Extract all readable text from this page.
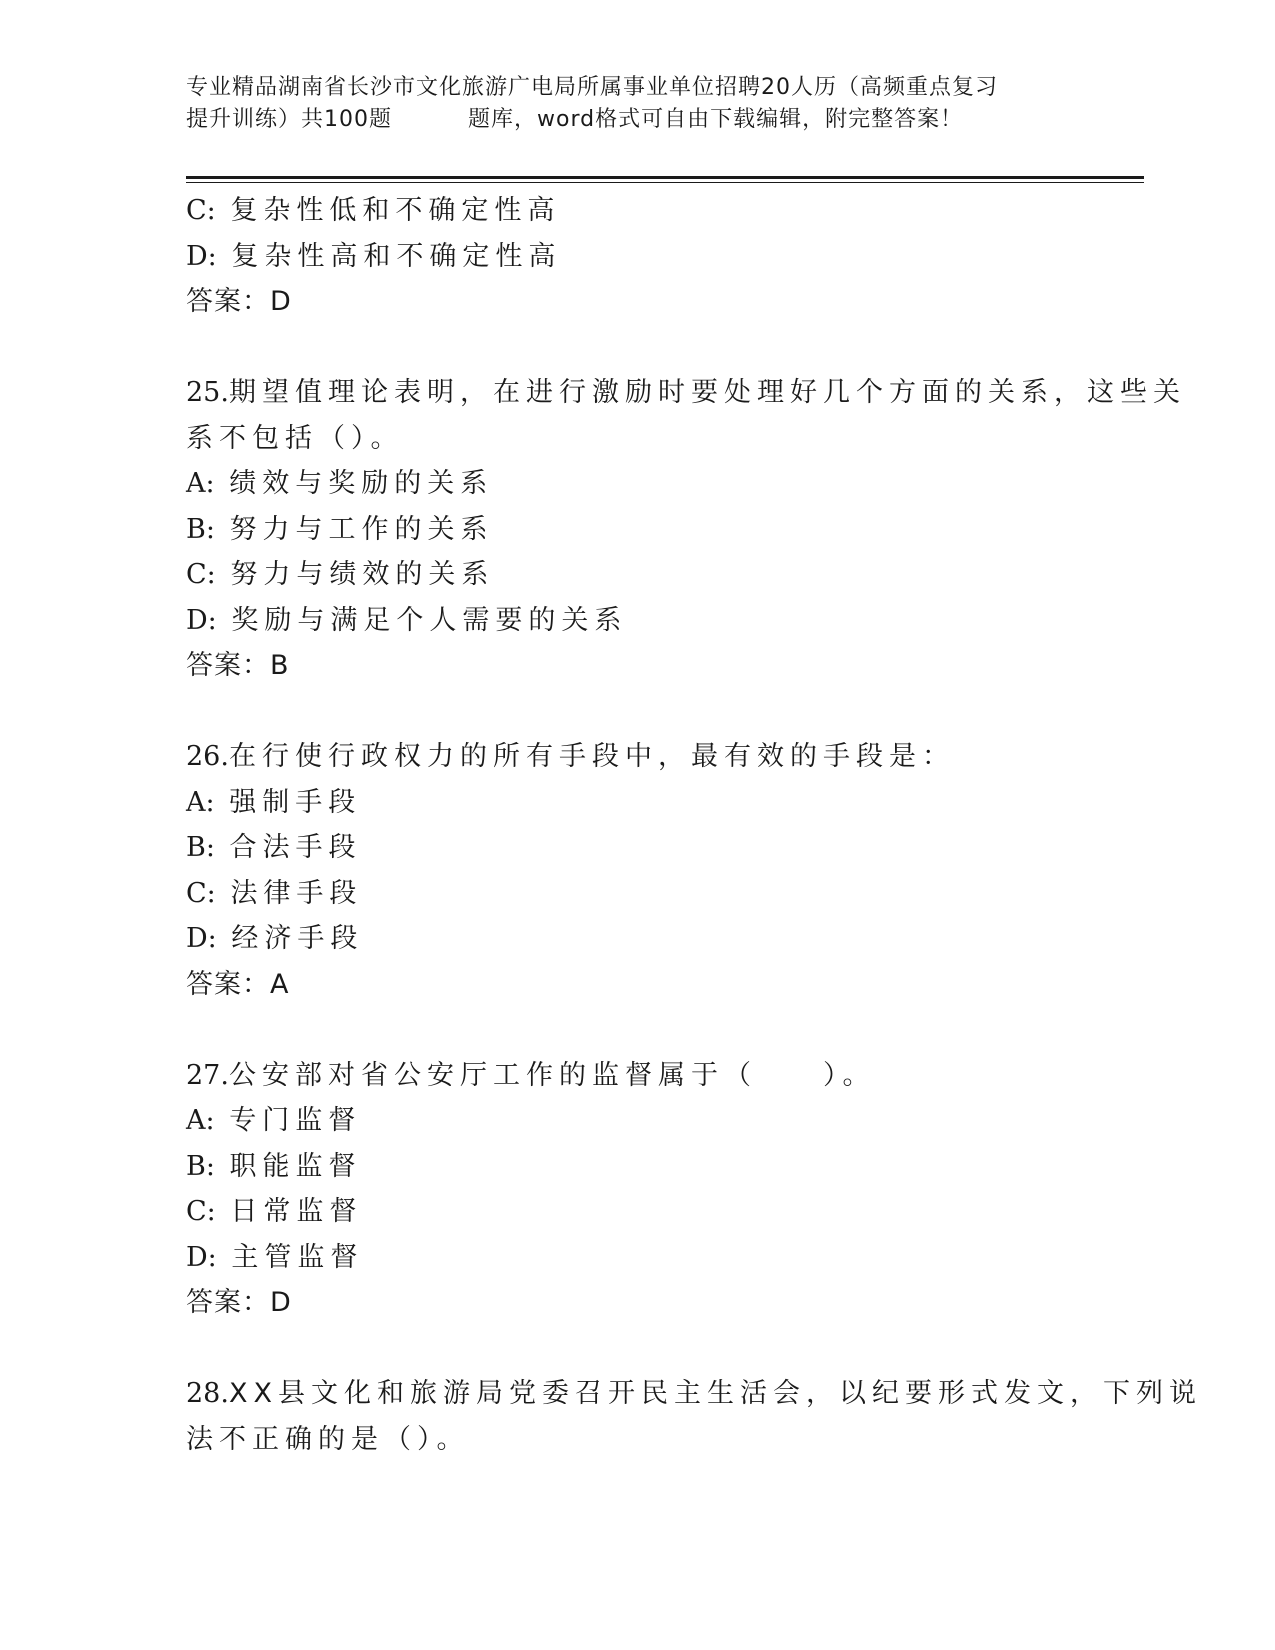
专业精品湖南省长沙市文化旅游广电局所属事业单位招聘20人历（高频重点复习
提升训练）共100题	题库，word格式可自由下载编辑，附完整答案！
C: 复杂性低和不确定性高
D: 复杂性高和不确定性高
答案：D
25.期望值理论表明，在进行激励时要处理好几个方面的关系，这些关
系不包括（）。
A: 绩效与奖励的关系
B: 努力与工作的关系
C: 努力与绩效的关系
D: 奖励与满足个人需要的关系
答案：B
26.在行使行政权力的所有手段中，最有效的手段是：
A: 强制手段
B: 合法手段
C: 法律手段
D: 经济手段
答案：A
27.公安部对省公安厅工作的监督属于（　　）。
A: 专门监督
B: 职能监督
C: 日常监督
D: 主管监督
答案：D
28.XX县文化和旅游局党委召开民主生活会，以纪要形式发文，下列说
法不正确的是（）。
